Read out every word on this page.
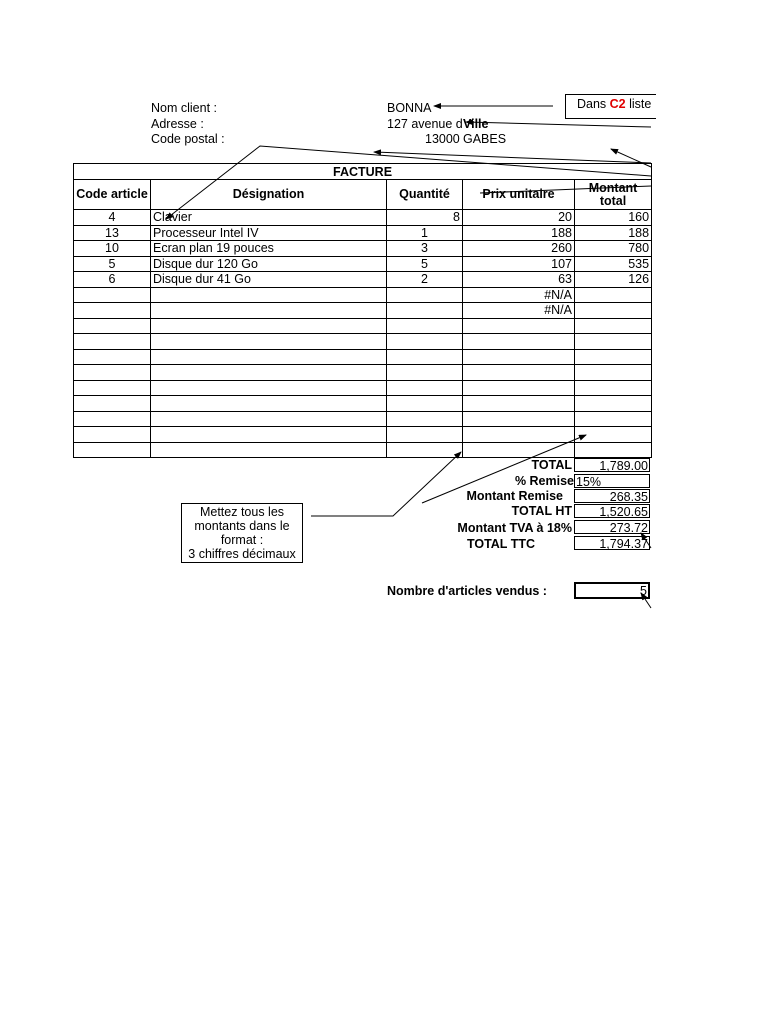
Nom client :	BONNA
Adresse :	127 avenue d Ville
Code postal :	13000 GABES
Dans C2 liste
FACTURE				
Code article	Désignation	Quantité	Prix unitaire	Montant total
4	Clavier	8	20	160
13	Processeur Intel IV	1	188	188
10	Ecran plan 19 pouces	3	260	780
5	Disque dur 120 Go	5	107	535
6	Disque dur 41 Go	2	63	126
			#N/A	
			#N/A	

TOTAL	1,789.00
% Remise 15%
Montant Remise	268.35
TOTAL HT	1,520.65
Montant TVA à 18%	273.72
TOTAL TTC	1,794.37
Mettez tous les
montants dans le
format :
3 chiffres décimaux
Nombre d'articles vendus :	5
